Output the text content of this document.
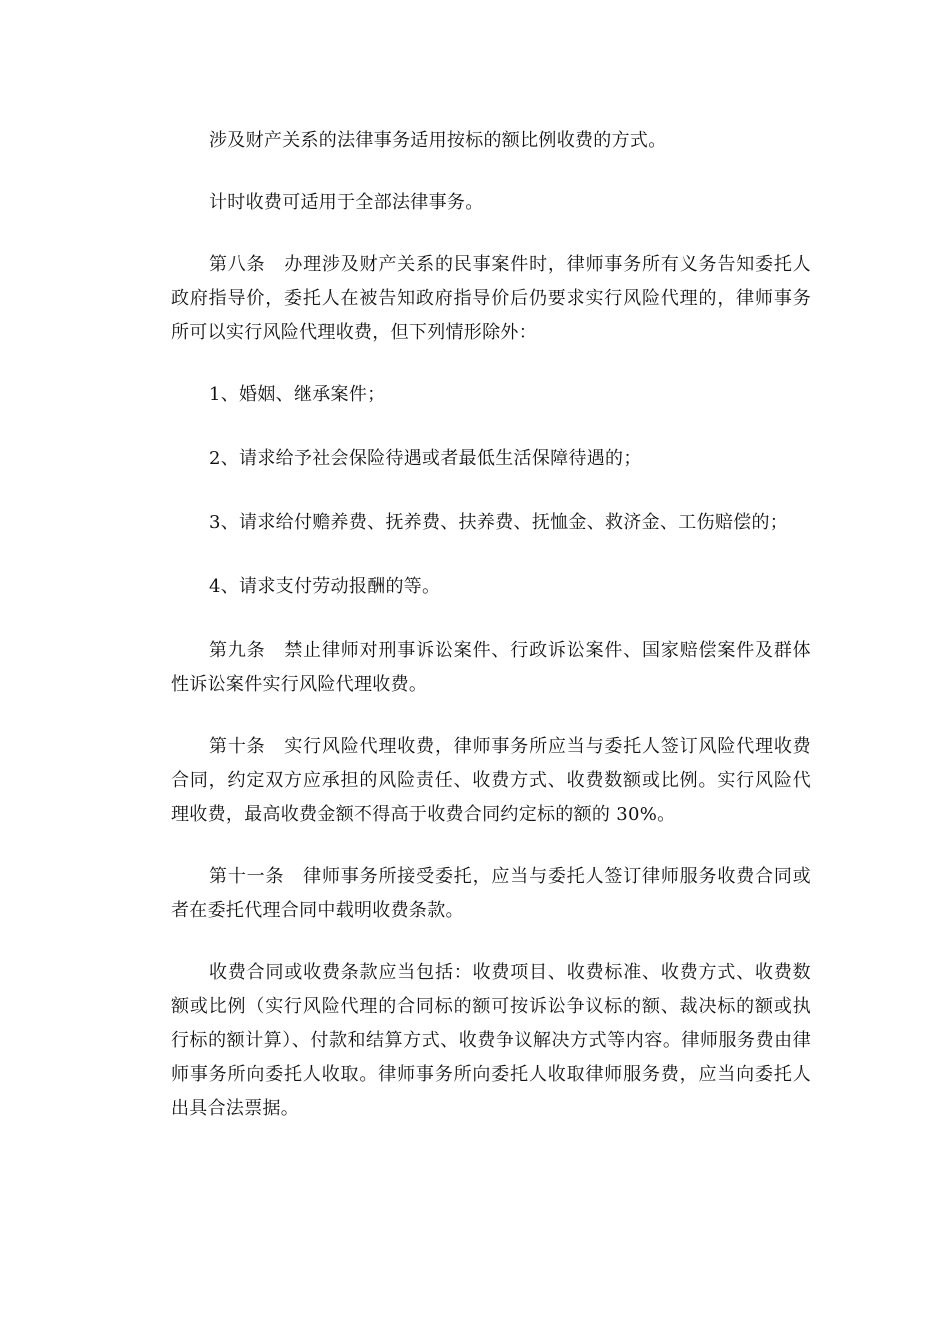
涉及财产关系的法律事务适用按标的额比例收费的方式。

计时收费可适用于全部法律事务。

第八条　办理涉及财产关系的民事案件时，律师事务所有义务告知委托人政府指导价，委托人在被告知政府指导价后仍要求实行风险代理的，律师事务所可以实行风险代理收费，但下列情形除外：

1、婚姻、继承案件；

2、请求给予社会保险待遇或者最低生活保障待遇的；

3、请求给付赡养费、抚养费、扶养费、抚恤金、救济金、工伤赔偿的；

4、请求支付劳动报酬的等。

第九条　禁止律师对刑事诉讼案件、行政诉讼案件、国家赔偿案件及群体性诉讼案件实行风险代理收费。

第十条　实行风险代理收费，律师事务所应当与委托人签订风险代理收费合同，约定双方应承担的风险责任、收费方式、收费数额或比例。实行风险代理收费，最高收费金额不得高于收费合同约定标的额的 30%。

第十一条　律师事务所接受委托，应当与委托人签订律师服务收费合同或者在委托代理合同中载明收费条款。

收费合同或收费条款应当包括：收费项目、收费标准、收费方式、收费数额或比例（实行风险代理的合同标的额可按诉讼争议标的额、裁决标的额或执行标的额计算）、付款和结算方式、收费争议解决方式等内容。律师服务费由律师事务所向委托人收取。律师事务所向委托人收取律师服务费，应当向委托人出具合法票据。
